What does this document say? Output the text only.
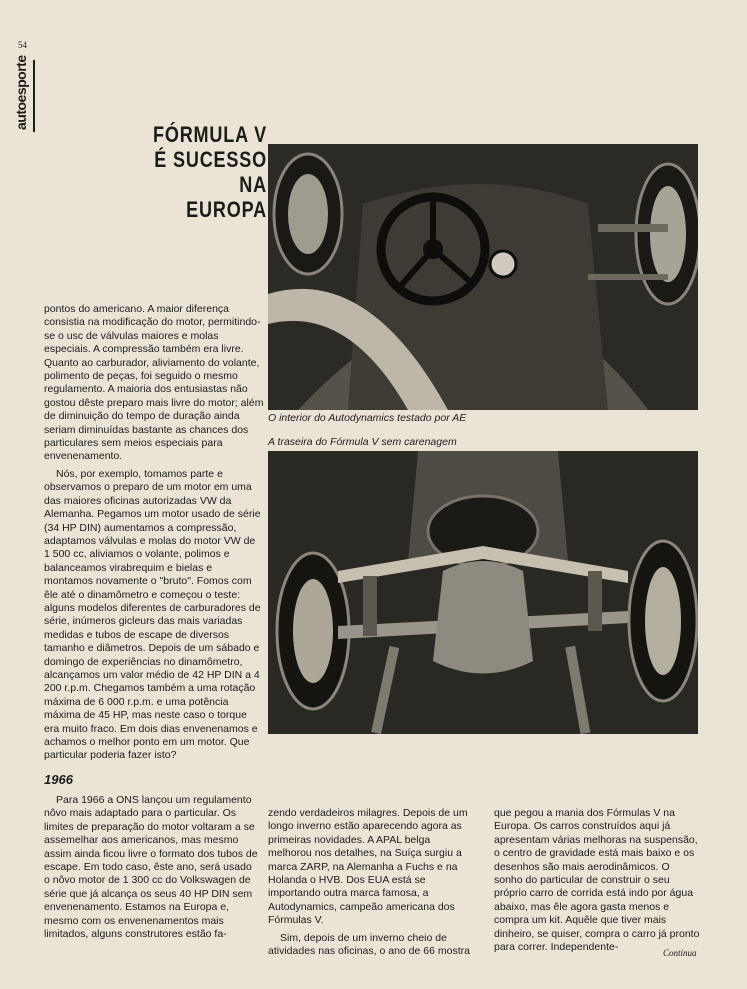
54
autoesporte
FÓRMULA V
É SUCESSO
NA
EUROPA
O interior do Autodynamics testado por AE
A traseira do Fórmula V sem carenagem

pontos do americano. A maior diferença consistia na modificação do motor, permitindo-se o usc de válvulas maiores e molas especiais. A compressão também era livre. Quanto ao carburador, aliviamento do volante, polimento de peças, foi seguido o mesmo regulamento. A maioria dos entusiastas não gostou dêste preparo mais livre do motor; além de diminuição do tempo de duração ainda seriam diminuídas bastante as chances dos particulares sem meios especiais para envenenamento.

Nós, por exemplo, tomamos parte e observamos o preparo de um motor em uma das maiores oficinas autorizadas VW da Alemanha. Pegamos um motor usado de série (34 HP DIN) aumentamos a compressão, adaptamos válvulas e molas do motor VW de 1 500 cc, aliviamos o volante, polimos e balanceamos virabrequim e bielas e montamos novamente o "bruto". Fomos com êle até o dinamômetro e começou o teste: alguns modelos diferentes de carburadores de série, inúmeros gicleurs das mais variadas medidas e tubos de escape de diversos tamanho e diâmetros. Depois de um sábado e domingo de experiências no dinamômetro, alcançamos um valor médio de 42 HP DIN a 4 200 r.p.m. Chegamos também a uma rotação máxima de 6 000 r.p.m. e uma potência máxima de 45 HP, mas neste caso o torque era muito fraco. Em dois dias envenenamos e achamos o melhor ponto em um motor. Que particular poderia fazer isto?

1966

Para 1966 a ONS lançou um regulamento nôvo mais adaptado para o particular. Os limites de preparação do motor voltaram a se assemelhar aos americanos, mas mesmo assim ainda ficou livre o formato dos tubos de escape. Em todo caso, êste ano, será usado o nôvo motor de 1 300 cc do Volkswagen de série que já alcança os seus 40 HP DIN sem envenenamento. Estamos na Europa e, mesmo com os envenenamentos mais limitados, alguns construtores estão fa-

zendo verdadeiros milagres. Depois de um longo inverno estão aparecendo agora as primeiras novidades. A APAL belga melhorou nos detalhes, na Suíça surgiu a marca ZARP, na Alemanha a Fuchs e na Holanda o HVB. Dos EUA está se importando outra marca famosa, a Autodynamics, campeão americana dos Fórmulas V.

Sim, depois de um inverno cheio de atividades nas oficinas, o ano de 66 mostra

que pegou a mania dos Fórmulas V na Europa. Os carros construídos aqui já apresentam várias melhoras na suspensão, o centro de gravidade está mais baixo e os desenhos são mais aerodinâmicos. O sonho do particular de construir o seu próprio carro de corrida está indo por água abaixo, mas êle agora gasta menos e compra um kit. Aquêle que tiver mais dinheiro, se quiser, compra o carro já pronto para correr. Independente-	Continua
